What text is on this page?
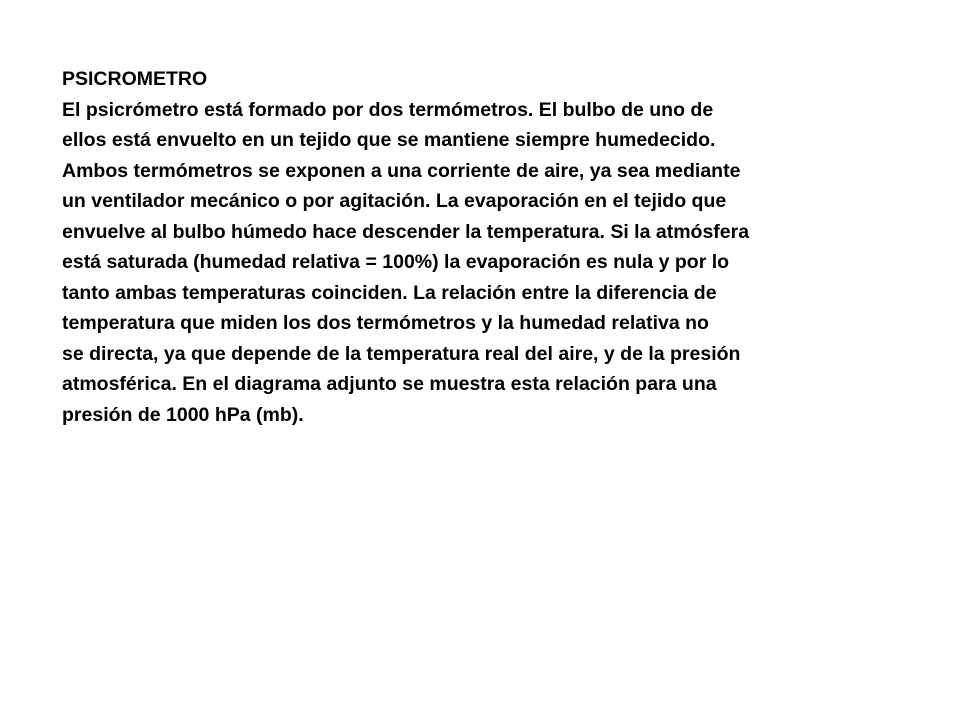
PSICROMETRO
El psicrómetro está formado por dos termómetros. El bulbo de uno de
ellos está envuelto en un tejido que se mantiene siempre humedecido.
Ambos termómetros se exponen a una corriente de aire, ya sea mediante
un ventilador mecánico o por agitación. La evaporación en el tejido que
envuelve al bulbo húmedo hace descender la temperatura. Si la atmósfera
está saturada (humedad relativa = 100%) la evaporación es nula y por lo
tanto ambas temperaturas coinciden. La relación entre la diferencia de
temperatura que miden los dos termómetros y la humedad relativa no
se directa, ya que depende de la temperatura real del aire, y de la presión
atmosférica. En el diagrama adjunto se muestra esta relación para una
presión de 1000 hPa (mb).
